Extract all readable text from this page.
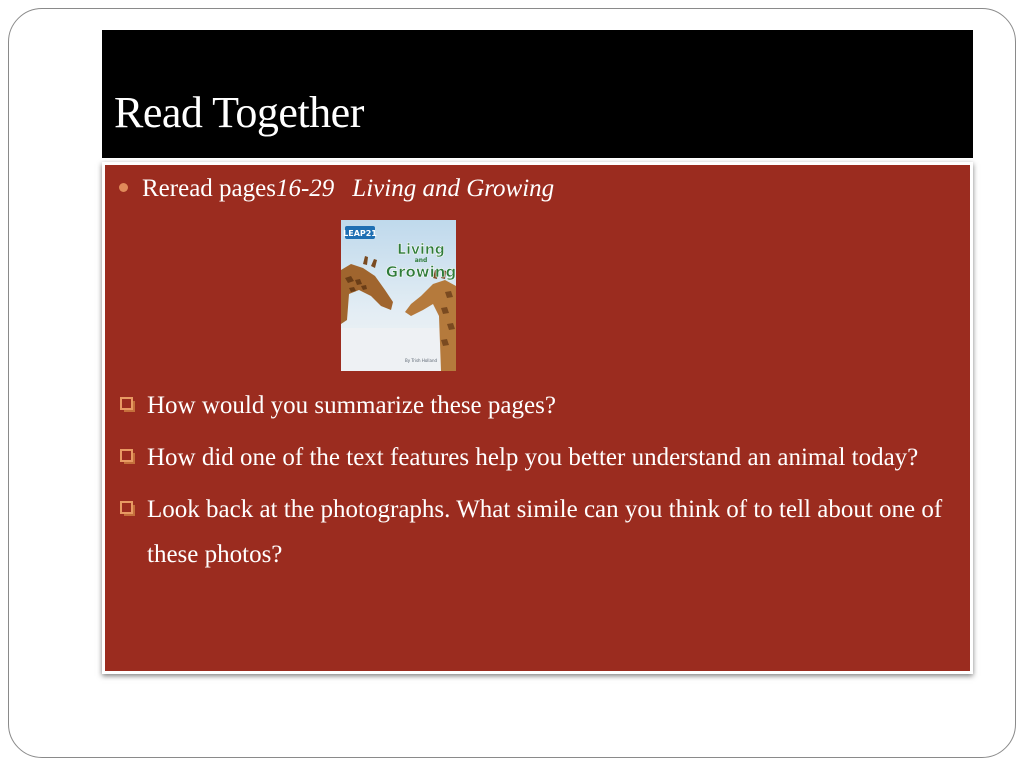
Read Together
Reread pages 16-29 Living and Growing
LEAP21
Living
and
Growing
By Trish Holland
How would you summarize these pages?
How did one of the text features help you better understand an animal today?
Look back at the photographs. What simile can you think of to tell about one of these photos?
